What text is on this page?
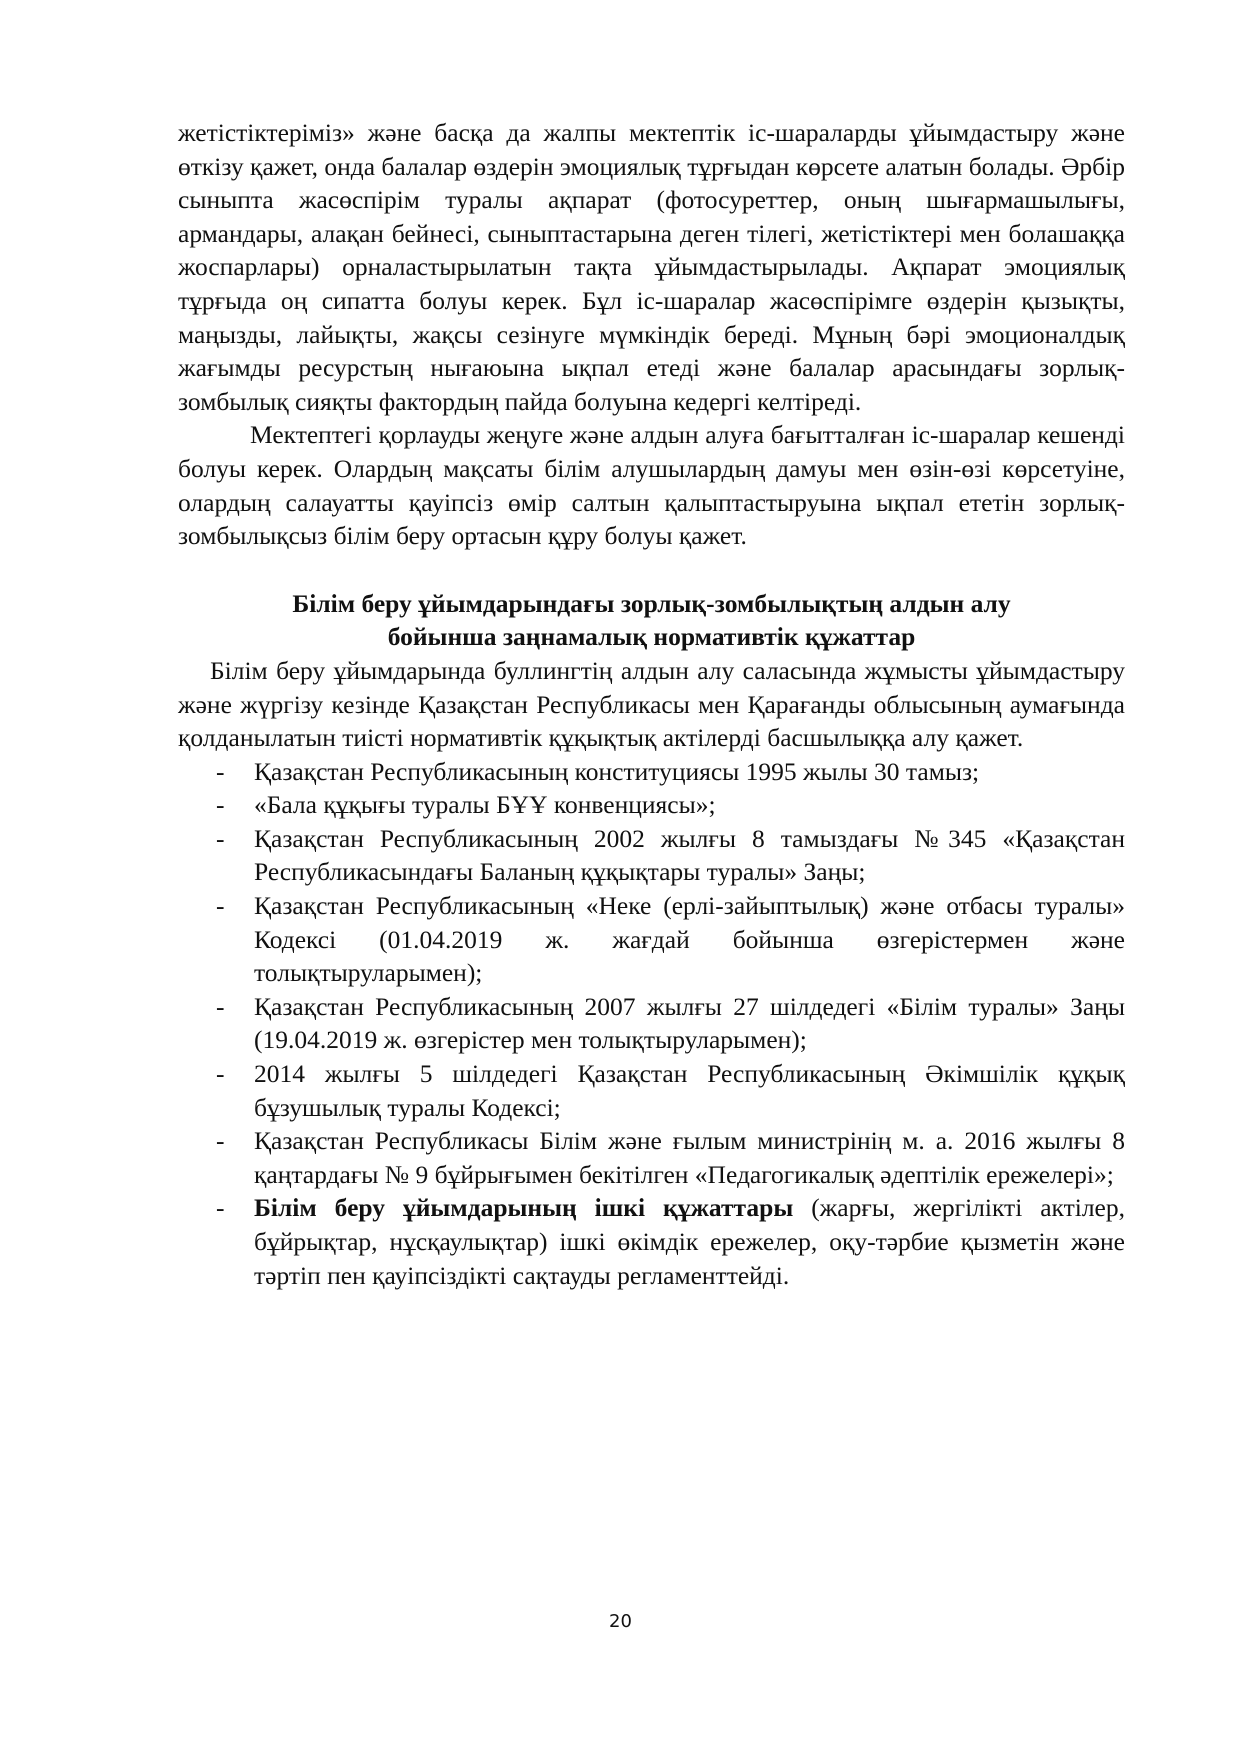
жетістіктеріміз» және басқа да жалпы мектептік іс-шараларды ұйымдастыру және өткізу қажет, онда балалар өздерін эмоциялық тұрғыдан көрсете алатын болады. Әрбір сыныпта жасөспірім туралы ақпарат (фотосуреттер, оның шығармашылығы, армандары, алақан бейнесі, сыныптастарына деген тілегі, жетістіктері мен болашаққа жоспарлары) орналастырылатын тақта ұйымдастырылады. Ақпарат эмоциялық тұрғыда оң сипатта болуы керек. Бұл іс-шаралар жасөспірімге өздерін қызықты, маңызды, лайықты, жақсы сезінуге мүмкіндік береді. Мұның бәрі эмоционалдық жағымды ресурстың нығаюына ықпал етеді және балалар арасындағы зорлық-зомбылық сияқты фактордың пайда болуына кедергі келтіреді.

Мектептегі қорлауды жеңуге және алдын алуға бағытталған іс-шаралар кешенді болуы керек. Олардың мақсаты білім алушылардың дамуы мен өзін-өзі көрсетуіне, олардың салауатты қауіпсіз өмір салтын қалыптастыруына ықпал ететін зорлық-зомбылықсыз білім беру ортасын құру болуы қажет.

Білім беру ұйымдарындағы зорлық-зомбылықтың алдын алу
бойынша заңнамалық нормативтік құжаттар

Білім беру ұйымдарында буллингтің алдын алу саласында жұмысты ұйымдастыру және жүргізу кезінде Қазақстан Республикасы мен Қарағанды облысының аумағында қолданылатын тиісті нормативтік құқықтық актілерді басшылыққа алу қажет.

- Қазақстан Республикасының конституциясы 1995 жылы 30 тамыз;
- «Бала құқығы туралы БҰҰ конвенциясы»;
- Қазақстан Республикасының 2002 жылғы 8 тамыздағы №345 «Қазақстан Республикасындағы Баланың құқықтары туралы» Заңы;
- Қазақстан Республикасының «Неке (ерлі-зайыптылық) және отбасы туралы» Кодексі (01.04.2019 ж. жағдай бойынша өзгерістермен және толықтыруларымен);
- Қазақстан Республикасының 2007 жылғы 27 шілдедегі «Білім туралы» Заңы (19.04.2019 ж. өзгерістер мен толықтыруларымен);
- 2014 жылғы 5 шілдедегі Қазақстан Республикасының Әкімшілік құқық бұзушылық туралы Кодексі;
- Қазақстан Республикасы Білім және ғылым министрінің м. а. 2016 жылғы 8 қаңтардағы № 9 бұйрығымен бекітілген «Педагогикалық әдептілік ережелері»;
- Білім беру ұйымдарының ішкі құжаттары (жарғы, жергілікті актілер, бұйрықтар, нұсқаулықтар) ішкі өкімдік ережелер, оқу-тәрбие қызметін және тәртіп пен қауіпсіздікті сақтауды регламенттейді.
20
